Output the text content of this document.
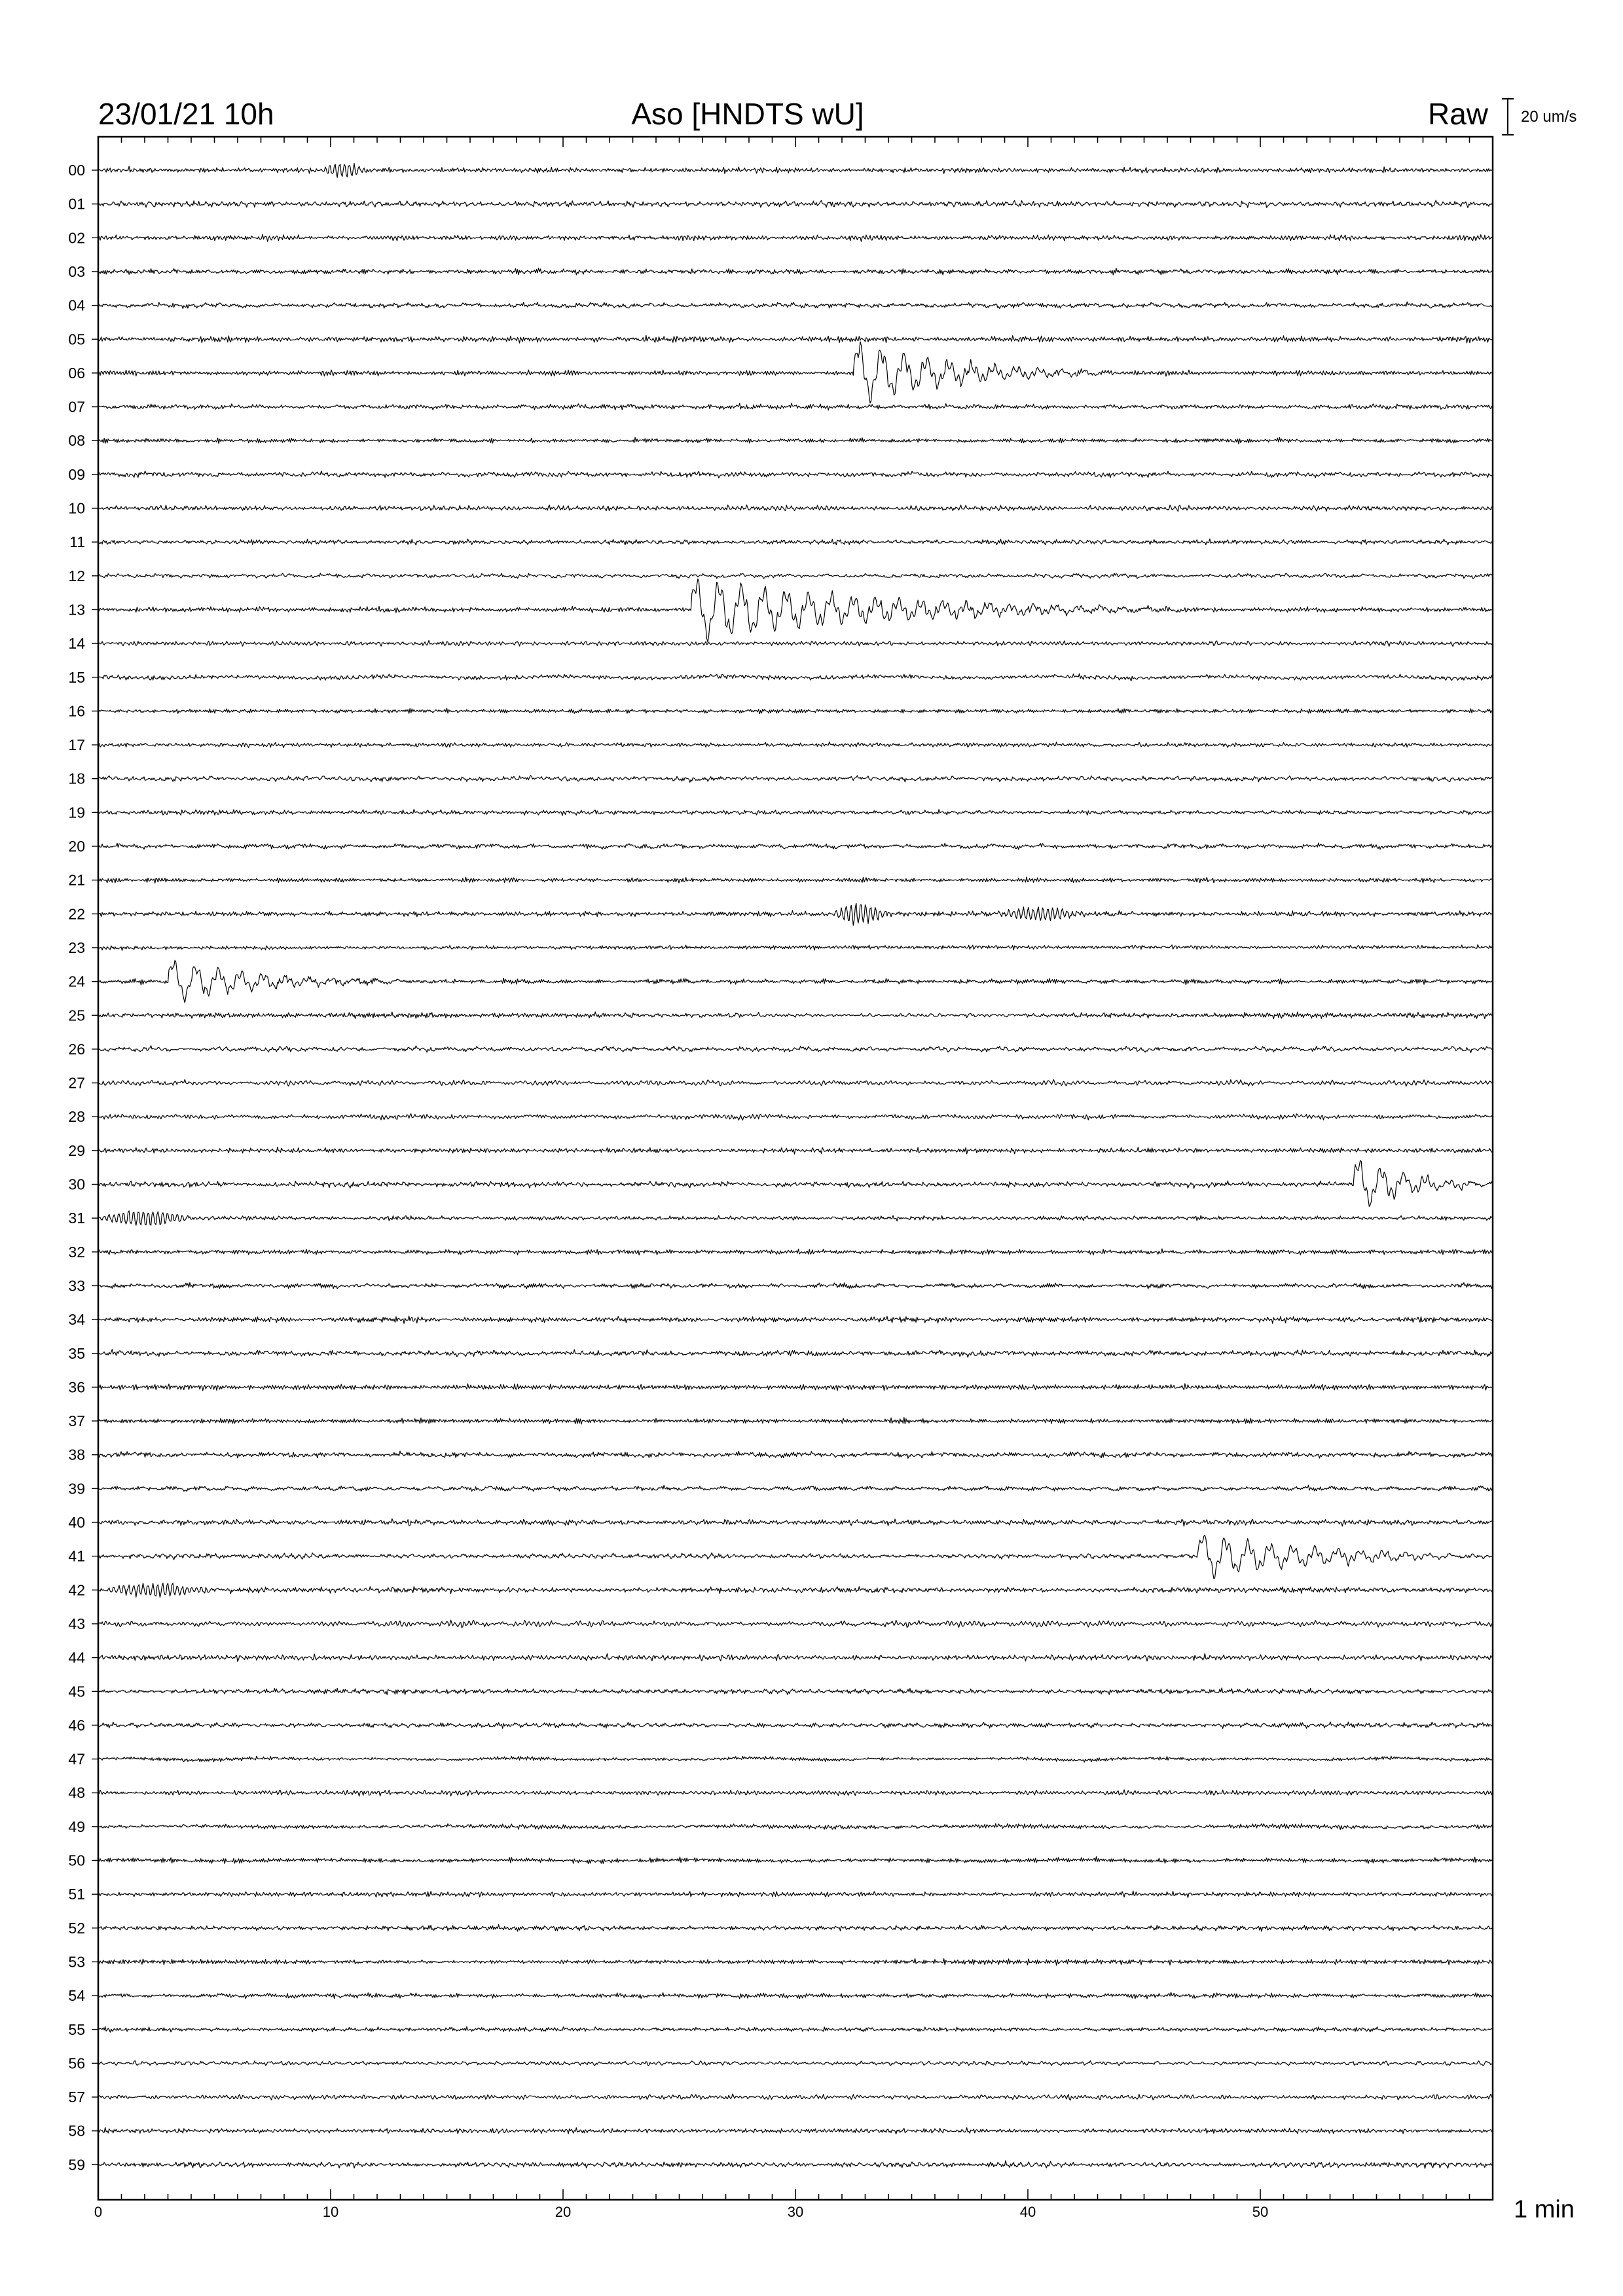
23/01/21 10h	Aso [HNDTS wU]	Raw 20 um/s
0	10	20	30	40	50
00
01
02
03
04
05
06
07
08
09
10
11
12
13
14
15
16
17
18
19
20
21
22
23
24
25
26
27
28
29
30
31
32
33
34
35
36
37
38
39
40
41
42
43
44
45
46
47
48
49
50
51
52
53
54
55
56
57
58
59
1 min
